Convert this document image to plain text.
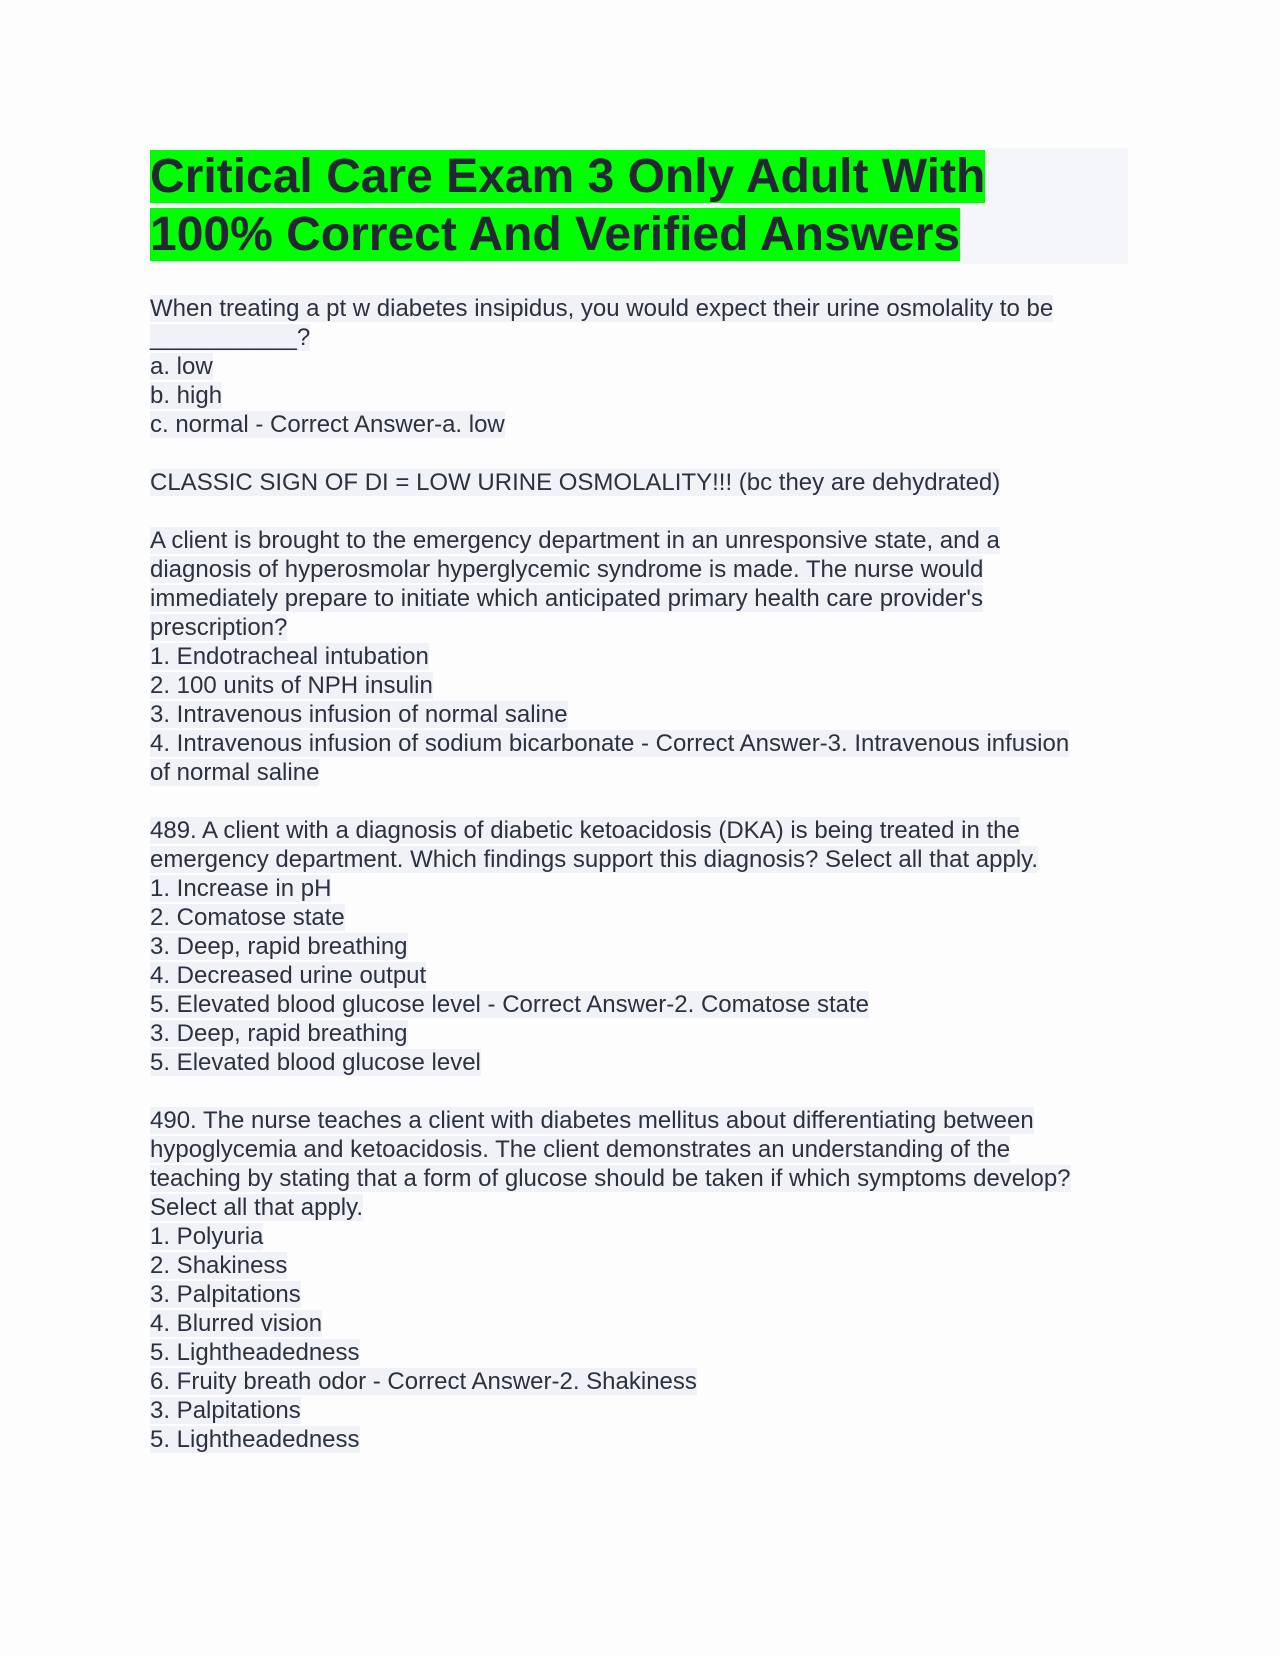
Critical Care Exam 3 Only Adult With
100% Correct And Verified Answers
When treating a pt w diabetes insipidus, you would expect their urine osmolality to be
___________?
a. low
b. high
c. normal - Correct Answer-a. low
CLASSIC SIGN OF DI = LOW URINE OSMOLALITY!!! (bc they are dehydrated)
A client is brought to the emergency department in an unresponsive state, and a
diagnosis of hyperosmolar hyperglycemic syndrome is made. The nurse would
immediately prepare to initiate which anticipated primary health care provider's
prescription?
1. Endotracheal intubation
2. 100 units of NPH insulin
3. Intravenous infusion of normal saline
4. Intravenous infusion of sodium bicarbonate - Correct Answer-3. Intravenous infusion
of normal saline
489. A client with a diagnosis of diabetic ketoacidosis (DKA) is being treated in the
emergency department. Which findings support this diagnosis? Select all that apply.
1. Increase in pH
2. Comatose state
3. Deep, rapid breathing
4. Decreased urine output
5. Elevated blood glucose level - Correct Answer-2. Comatose state
3. Deep, rapid breathing
5. Elevated blood glucose level
490. The nurse teaches a client with diabetes mellitus about differentiating between
hypoglycemia and ketoacidosis. The client demonstrates an understanding of the
teaching by stating that a form of glucose should be taken if which symptoms develop?
Select all that apply.
1. Polyuria
2. Shakiness
3. Palpitations
4. Blurred vision
5. Lightheadedness
6. Fruity breath odor - Correct Answer-2. Shakiness
3. Palpitations
5. Lightheadedness
